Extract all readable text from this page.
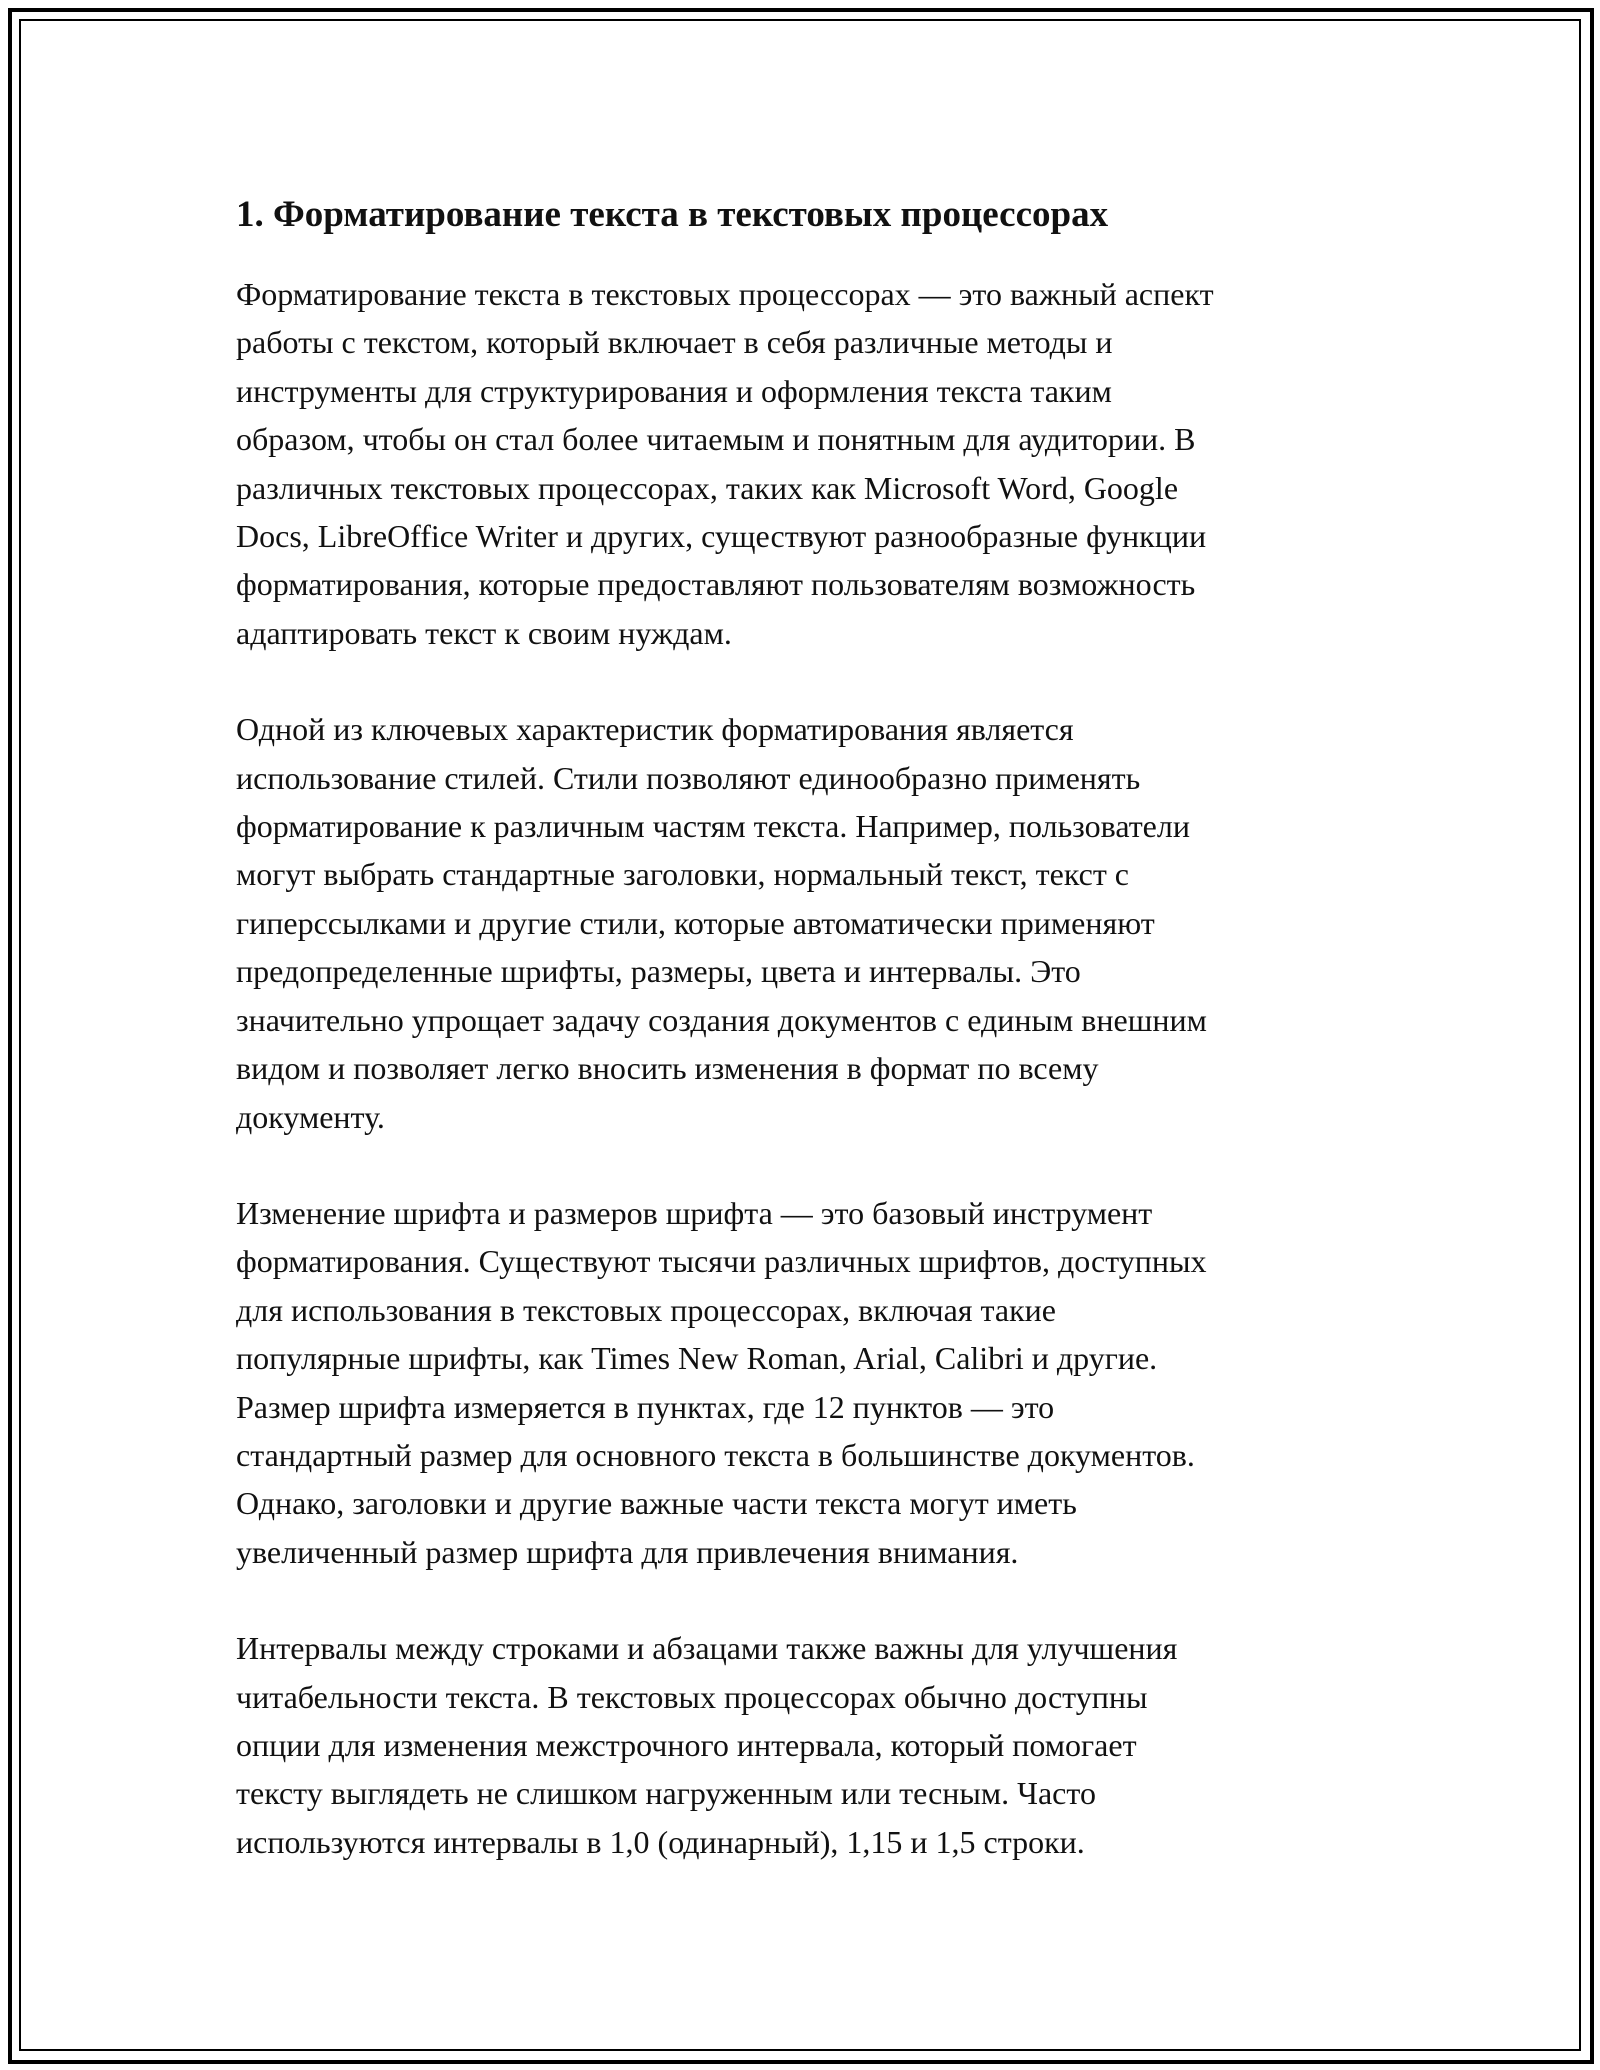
1. Форматирование текста в текстовых процессорах

Форматирование текста в текстовых процессорах — это важный аспект
работы с текстом, который включает в себя различные методы и
инструменты для структурирования и оформления текста таким
образом, чтобы он стал более читаемым и понятным для аудитории. В
различных текстовых процессорах, таких как Microsoft Word, Google
Docs, LibreOffice Writer и других, существуют разнообразные функции
форматирования, которые предоставляют пользователям возможность
адаптировать текст к своим нуждам.

Одной из ключевых характеристик форматирования является
использование стилей. Стили позволяют единообразно применять
форматирование к различным частям текста. Например, пользователи
могут выбрать стандартные заголовки, нормальный текст, текст с
гиперссылками и другие стили, которые автоматически применяют
предопределенные шрифты, размеры, цвета и интервалы. Это
значительно упрощает задачу создания документов с единым внешним
видом и позволяет легко вносить изменения в формат по всему
документу.

Изменение шрифта и размеров шрифта — это базовый инструмент
форматирования. Существуют тысячи различных шрифтов, доступных
для использования в текстовых процессорах, включая такие
популярные шрифты, как Times New Roman, Arial, Calibri и другие.
Размер шрифта измеряется в пунктах, где 12 пунктов — это
стандартный размер для основного текста в большинстве документов.
Однако, заголовки и другие важные части текста могут иметь
увеличенный размер шрифта для привлечения внимания.

Интервалы между строками и абзацами также важны для улучшения
читабельности текста. В текстовых процессорах обычно доступны
опции для изменения межстрочного интервала, который помогает
тексту выглядеть не слишком нагруженным или тесным. Часто
используются интервалы в 1,0 (одинарный), 1,15 и 1,5 строки.
